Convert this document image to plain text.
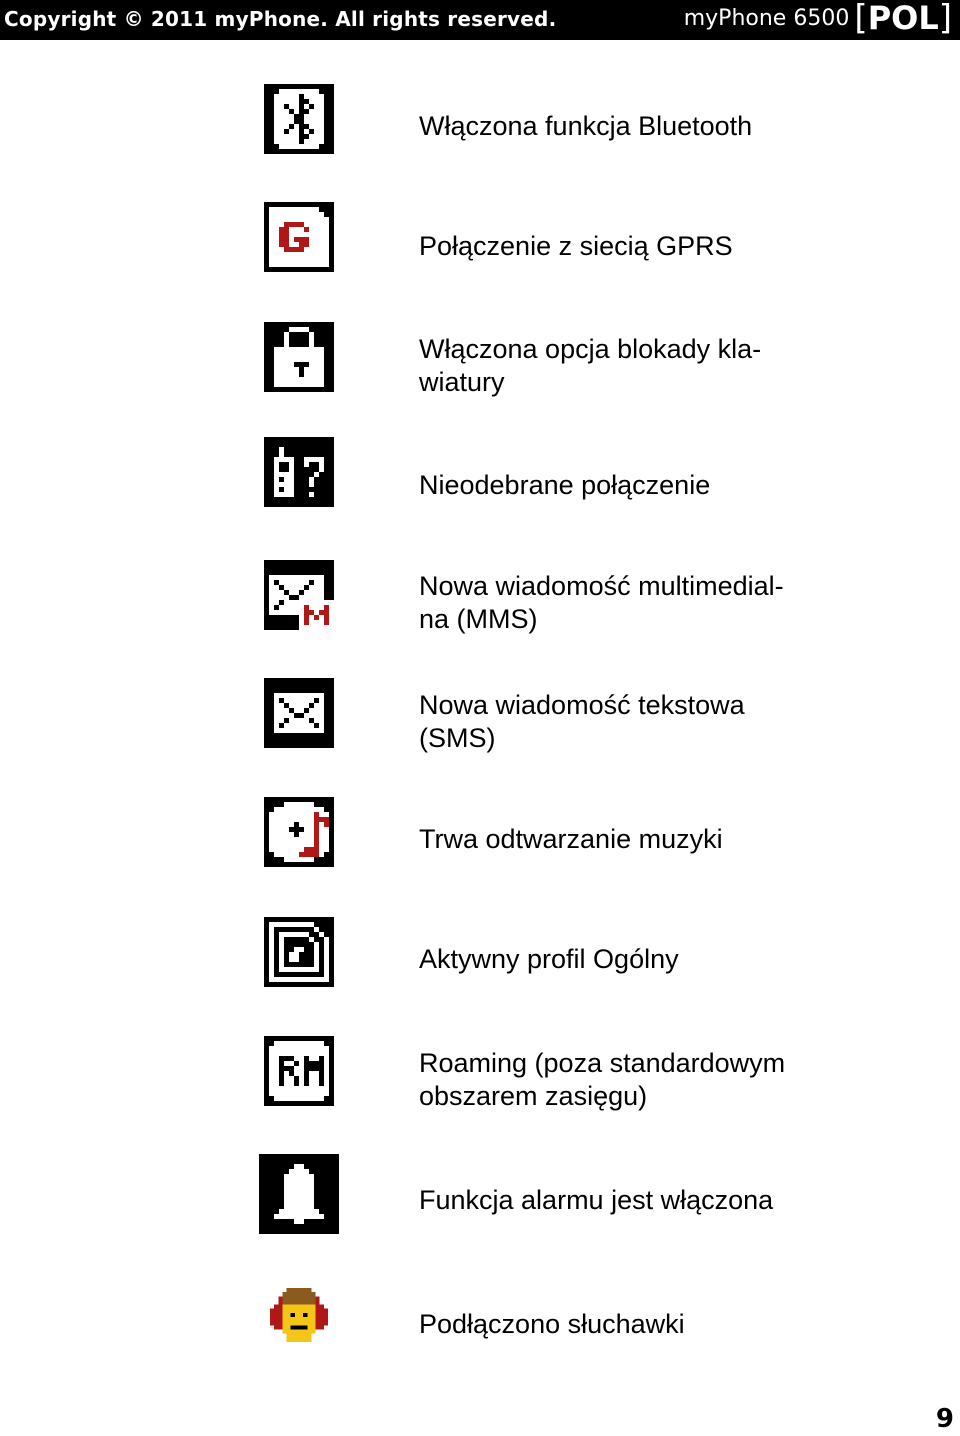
Copyright © 2011 myPhone. All rights reserved.	myPhone 6500 [POL]
Włączona funkcja Bluetooth
Połączenie z siecią GPRS
Włączona opcja blokady kla-
wiatury
Nieodebrane połączenie
Nowa wiadomość multimedial-
na (MMS)
Nowa wiadomość tekstowa
(SMS)
Trwa odtwarzanie muzyki
Aktywny profil Ogólny
Roaming (poza standardowym
obszarem zasięgu)
Funkcja alarmu jest włączona
Podłączono słuchawki
9
